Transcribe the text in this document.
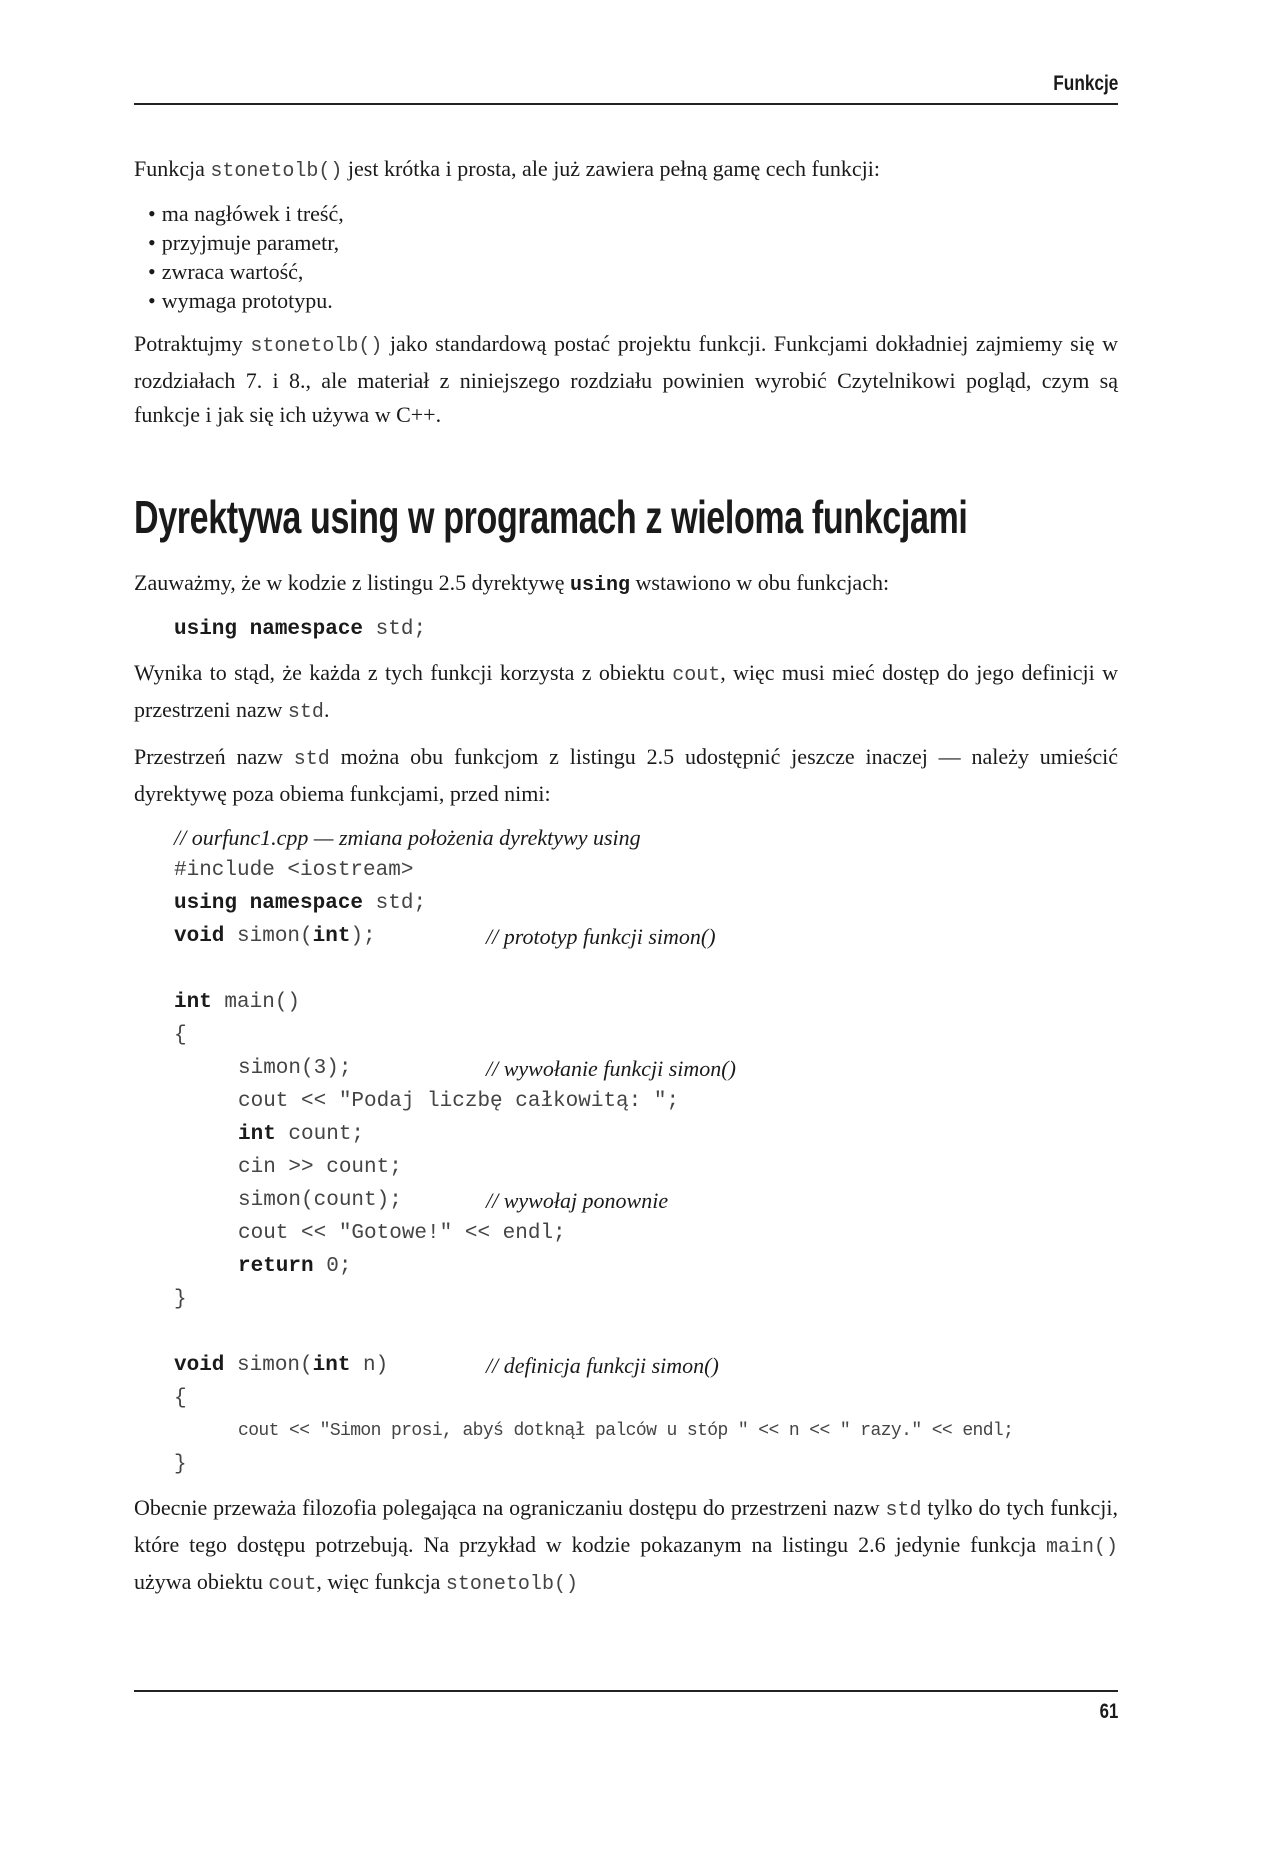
Funkcje

Funkcja stonetolb() jest krótka i prosta, ale już zawiera pełną gamę cech funkcji:

• ma nagłówek i treść,
• przyjmuje parametr,
• zwraca wartość,
• wymaga prototypu.

Potraktujmy stonetolb() jako standardową postać projektu funkcji. Funkcjami dokładniej zajmiemy się w rozdziałach 7. i 8., ale materiał z niniejszego rozdziału powinien wyrobić Czytelnikowi pogląd, czym są funkcje i jak się ich używa w C++.

Dyrektywa using w programach z wieloma funkcjami

Zauważmy, że w kodzie z listingu 2.5 dyrektywę using wstawiono w obu funkcjach:

using namespace std;

Wynika to stąd, że każda z tych funkcji korzysta z obiektu cout, więc musi mieć dostęp do jego definicji w przestrzeni nazw std.

Przestrzeń nazw std można obu funkcjom z listingu 2.5 udostępnić jeszcze inaczej — należy umieścić dyrektywę poza obiema funkcjami, przed nimi:

// ourfunc1.cpp — zmiana położenia dyrektywy using
#include <iostream>
using namespace std;
void simon(int);	// prototyp funkcji simon()
int main()
{
simon(3);	// wywołanie funkcji simon()
cout << "Podaj liczbę całkowitą: ";
int count;
cin >> count;
simon(count);	// wywołaj ponownie
cout << "Gotowe!" << endl;
return 0;
}
void simon(int n)	// definicja funkcji simon()
{
cout << "Simon prosi, abyś dotknął palców u stóp " << n << " razy." << endl;
}

Obecnie przeważa filozofia polegająca na ograniczaniu dostępu do przestrzeni nazw std tylko do tych funkcji, które tego dostępu potrzebują. Na przykład w kodzie pokazanym na listingu 2.6 jedynie funkcja main() używa obiektu cout, więc funkcja stonetolb()

61
